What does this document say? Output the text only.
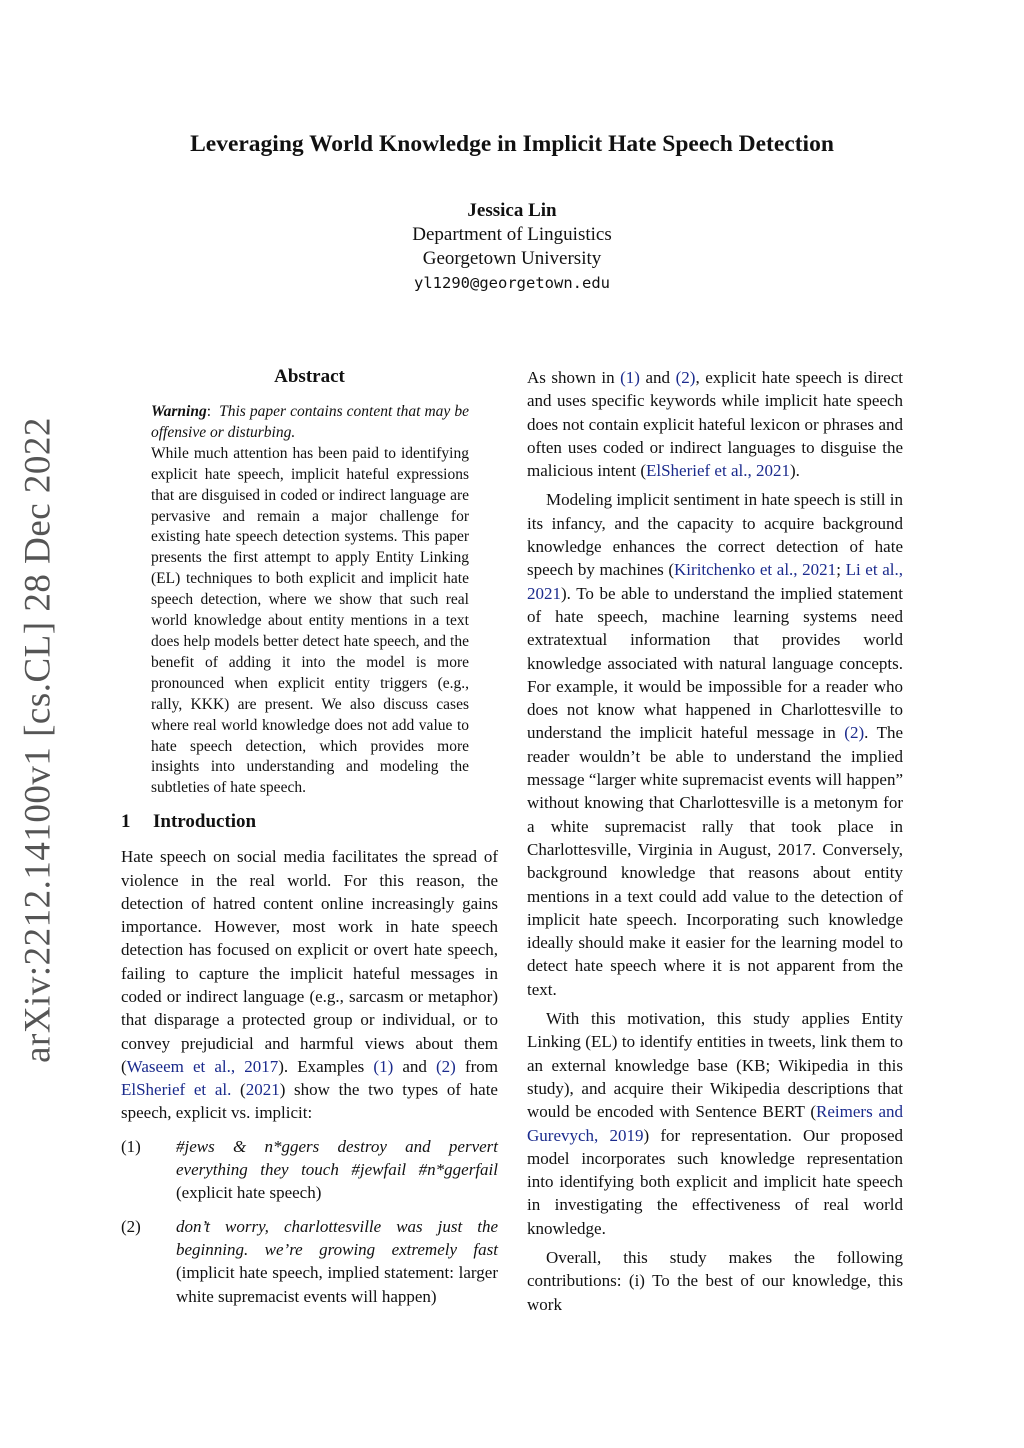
arXiv:2212.14100v1 [cs.CL] 28 Dec 2022
Leveraging World Knowledge in Implicit Hate Speech Detection
Jessica Lin
Department of Linguistics
Georgetown University
yl1290@georgetown.edu
Abstract

Warning:  This paper contains content that may be offensive or disturbing.

While much attention has been paid to identifying explicit hate speech, implicit hateful expressions that are disguised in coded or indirect language are pervasive and remain a major challenge for existing hate speech detection systems. This paper presents the first attempt to apply Entity Linking (EL) techniques to both explicit and implicit hate speech detection, where we show that such real world knowledge about entity mentions in a text does help models better detect hate speech, and the benefit of adding it into the model is more pronounced when explicit entity triggers (e.g., rally, KKK) are present. We also discuss cases where real world knowledge does not add value to hate speech detection, which provides more insights into understanding and modeling the subtleties of hate speech.

1 Introduction

Hate speech on social media facilitates the spread of violence in the real world. For this reason, the detection of hatred content online increasingly gains importance. However, most work in hate speech detection has focused on explicit or overt hate speech, failing to capture the implicit hateful messages in coded or indirect language (e.g., sarcasm or metaphor) that disparage a protected group or individual, or to convey prejudicial and harmful views about them (Waseem et al., 2017). Examples (1) and (2) from ElSherief et al. (2021) show the two types of hate speech, explicit vs. implicit:

(1)	#jews & n*ggers destroy and pervert everything they touch #jewfail #n*ggerfail (explicit hate speech)
(2)	don’t worry, charlottesville was just the beginning. we’re growing extremely fast (implicit hate speech, implied statement: larger white supremacist events will happen)

As shown in (1) and (2), explicit hate speech is direct and uses specific keywords while implicit hate speech does not contain explicit hateful lexicon or phrases and often uses coded or indirect languages to disguise the malicious intent (ElSherief et al., 2021).

Modeling implicit sentiment in hate speech is still in its infancy, and the capacity to acquire background knowledge enhances the correct detection of hate speech by machines (Kiritchenko et al., 2021; Li et al., 2021). To be able to understand the implied statement of hate speech, machine learning systems need extratextual information that provides world knowledge associated with natural language concepts. For example, it would be impossible for a reader who does not know what happened in Charlottesville to understand the implicit hateful message in (2). The reader wouldn’t be able to understand the implied message “larger white supremacist events will happen” without knowing that Charlottesville is a metonym for a white supremacist rally that took place in Charlottesville, Virginia in August, 2017. Conversely, background knowledge that reasons about entity mentions in a text could add value to the detection of implicit hate speech. Incorporating such knowledge ideally should make it easier for the learning model to detect hate speech where it is not apparent from the text.

With this motivation, this study applies Entity Linking (EL) to identify entities in tweets, link them to an external knowledge base (KB; Wikipedia in this study), and acquire their Wikipedia descriptions that would be encoded with Sentence BERT (Reimers and Gurevych, 2019) for representation. Our proposed model incorporates such knowledge representation into identifying both explicit and implicit hate speech in investigating the effectiveness of real world knowledge.

Overall, this study makes the following contributions: (i) To the best of our knowledge, this work
